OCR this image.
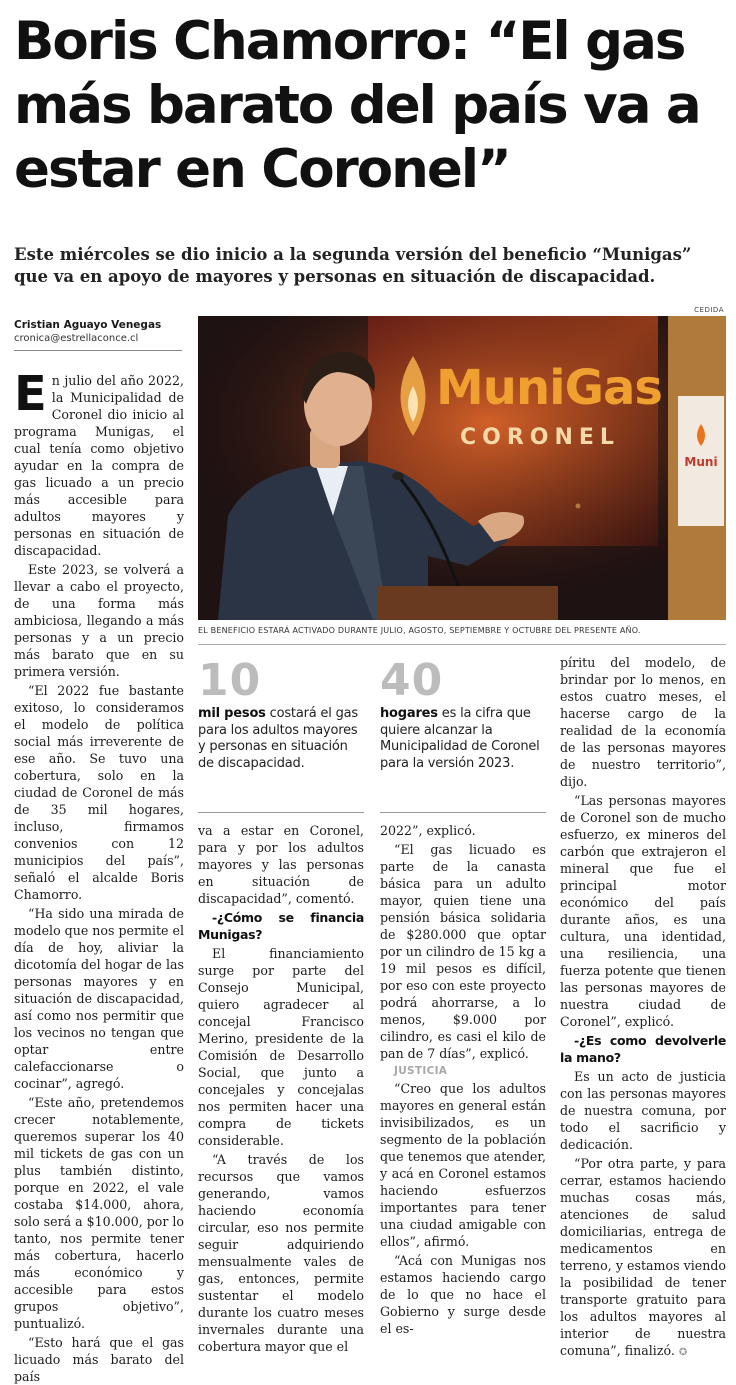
Boris Chamorro: “El gas más barato del país va a estar en Coronel”
Este miércoles se dio inicio a la segunda versión del beneficio “Munigas” que va en apoyo de mayores y personas en situación de discapacidad.
Cristian Aguayo Venegas
cronica@estrellaconce.cl
CEDIDA
Muni
MuniGas
CORONEL
EL BENEFICIO ESTARÁ ACTIVADO DURANTE JULIO, AGOSTO, SEPTIEMBRE Y OCTUBRE DEL PRESENTE AÑO.
10
mil pesos costará el gas para los adultos mayores y personas en situación de discapacidad.
40
hogares es la cifra que quiere alcanzar la Municipalidad de Coronel para la versión 2023.

En julio del año 2022, la Municipalidad de Coronel dio inicio al programa Munigas, el cual tenía como objetivo ayudar en la compra de gas licuado a un precio más accesible para adultos mayores y personas en situación de discapacidad.

Este 2023, se volverá a llevar a cabo el proyecto, de una forma más ambiciosa, llegando a más personas y a un precio más barato que en su primera versión.

“El 2022 fue bastante exitoso, lo consideramos el modelo de política social más irreverente de ese año. Se tuvo una cobertura, solo en la ciudad de Coronel de más de 35 mil hogares, incluso, firmamos convenios con 12 municipios del país”, señaló el alcalde Boris Chamorro.

“Ha sido una mirada de modelo que nos permite el día de hoy, aliviar la dicotomía del hogar de las personas mayores y en situación de discapacidad, así como nos permitir que los vecinos no tengan que optar entre calefaccionarse o cocinar”, agregó.

“Este año, pretendemos crecer notablemente, queremos superar los 40 mil tickets de gas con un plus también distinto, porque en 2022, el vale costaba $14.000, ahora, solo será a $10.000, por lo tanto, nos permite tener más cobertura, hacerlo más económico y accesible para estos grupos objetivo”, puntualizó.

“Esto hará que el gas licuado más barato del país

va a estar en Coronel, para y por los adultos mayores y las personas en situación de discapacidad”, comentó.

-¿Cómo se financia Munigas?

El financiamiento surge por parte del Consejo Municipal, quiero agradecer al concejal Francisco Merino, presidente de la Comisión de Desarrollo Social, que junto a concejales y concejalas nos permiten hacer una compra de tickets considerable.

“A través de los recursos que vamos generando, vamos haciendo economía circular, eso nos permite seguir adquiriendo mensualmente vales de gas, entonces, permite sustentar el modelo durante los cuatro meses invernales durante una cobertura mayor que el

2022”, explicó.

“El gas licuado es parte de la canasta básica para un adulto mayor, quien tiene una pensión básica solidaria de $280.000 que optar por un cilindro de 15 kg a 19 mil pesos es difícil, por eso con este proyecto podrá ahorrarse, a lo menos, $9.000 por cilindro, es casi el kilo de pan de 7 días”, explicó.

JUSTICIA

“Creo que los adultos mayores en general están invisibilizados, es un segmento de la población que tenemos que atender, y acá en Coronel estamos haciendo esfuerzos importantes para tener una ciudad amigable con ellos”, afirmó.

“Acá con Munigas nos estamos haciendo cargo de lo que no hace el Gobierno y surge desde el es-

píritu del modelo, de brindar por lo menos, en estos cuatro meses, el hacerse cargo de la realidad de la economía de las personas mayores de nuestro territorio”, dijo.

“Las personas mayores de Coronel son de mucho esfuerzo, ex mineros del carbón que extrajeron el mineral que fue el principal motor económico del país durante años, es una cultura, una identidad, una resiliencia, una fuerza potente que tienen las personas mayores de nuestra ciudad de Coronel”, explicó.

-¿Es como devolverle la mano?

Es un acto de justicia con las personas mayores de nuestra comuna, por todo el sacrificio y dedicación.

“Por otra parte, y para cerrar, estamos haciendo muchas cosas más, atenciones de salud domiciliarias, entrega de medicamentos en terreno, y estamos viendo la posibilidad de tener transporte gratuito para los adultos mayores al interior de nuestra comuna”, finalizó. ✪
